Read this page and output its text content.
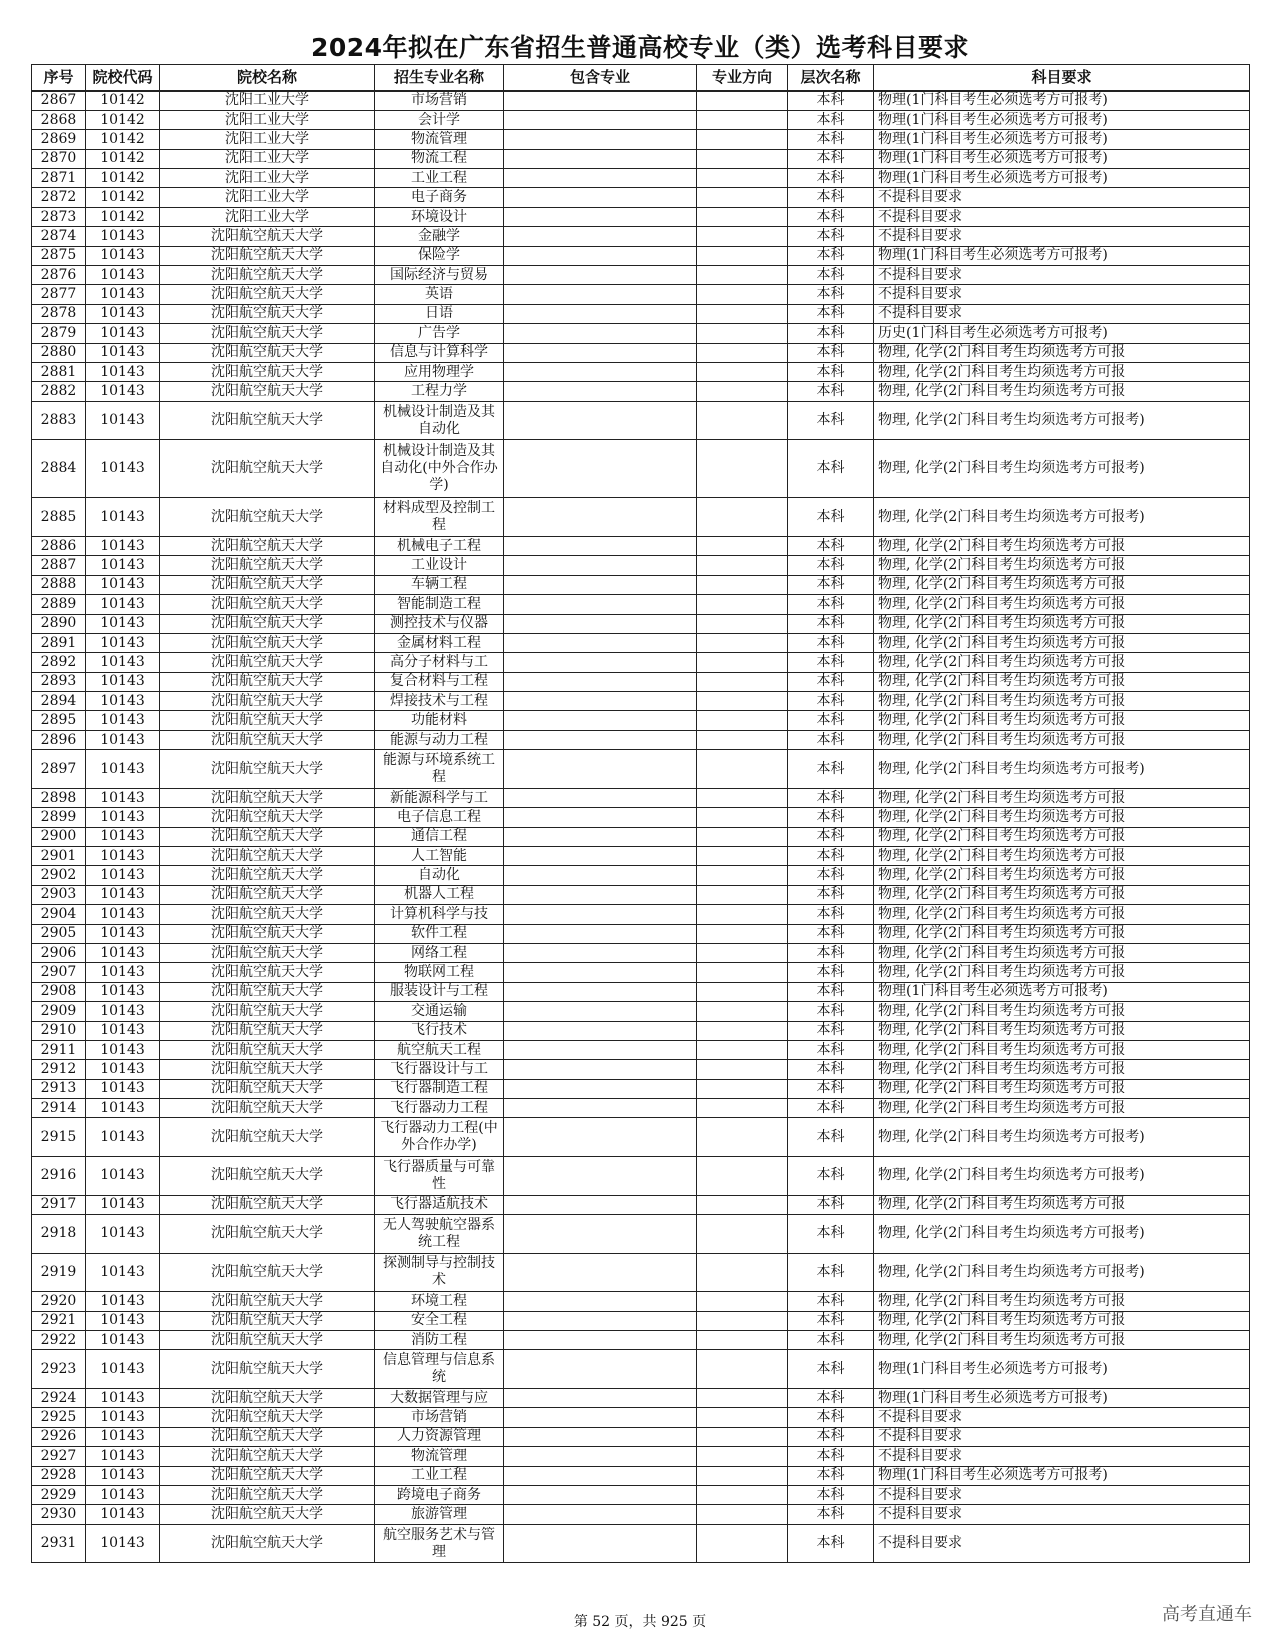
2024年拟在广东省招生普通高校专业（类）选考科目要求
序号	院校代码	院校名称	招生专业名称	包含专业	专业方向	层次名称	科目要求
2867	10142	沈阳工业大学	市场营销			本科	物理(1门科目考生必须选考方可报考)
2868	10142	沈阳工业大学	会计学			本科	物理(1门科目考生必须选考方可报考)
2869	10142	沈阳工业大学	物流管理			本科	物理(1门科目考生必须选考方可报考)
2870	10142	沈阳工业大学	物流工程			本科	物理(1门科目考生必须选考方可报考)
2871	10142	沈阳工业大学	工业工程			本科	物理(1门科目考生必须选考方可报考)
2872	10142	沈阳工业大学	电子商务			本科	不提科目要求
2873	10142	沈阳工业大学	环境设计			本科	不提科目要求
2874	10143	沈阳航空航天大学	金融学			本科	不提科目要求
2875	10143	沈阳航空航天大学	保险学			本科	物理(1门科目考生必须选考方可报考)
2876	10143	沈阳航空航天大学	国际经济与贸易			本科	不提科目要求
2877	10143	沈阳航空航天大学	英语			本科	不提科目要求
2878	10143	沈阳航空航天大学	日语			本科	不提科目要求
2879	10143	沈阳航空航天大学	广告学			本科	历史(1门科目考生必须选考方可报考)
2880	10143	沈阳航空航天大学	信息与计算科学			本科	物理, 化学(2门科目考生均须选考方可报
2881	10143	沈阳航空航天大学	应用物理学			本科	物理, 化学(2门科目考生均须选考方可报
2882	10143	沈阳航空航天大学	工程力学			本科	物理, 化学(2门科目考生均须选考方可报
2883	10143	沈阳航空航天大学	机械设计制造及其自动化			本科	物理, 化学(2门科目考生均须选考方可报考)
2884	10143	沈阳航空航天大学	机械设计制造及其自动化(中外合作办学)			本科	物理, 化学(2门科目考生均须选考方可报考)
2885	10143	沈阳航空航天大学	材料成型及控制工程			本科	物理, 化学(2门科目考生均须选考方可报考)
2886	10143	沈阳航空航天大学	机械电子工程			本科	物理, 化学(2门科目考生均须选考方可报
2887	10143	沈阳航空航天大学	工业设计			本科	物理, 化学(2门科目考生均须选考方可报
2888	10143	沈阳航空航天大学	车辆工程			本科	物理, 化学(2门科目考生均须选考方可报
2889	10143	沈阳航空航天大学	智能制造工程			本科	物理, 化学(2门科目考生均须选考方可报
2890	10143	沈阳航空航天大学	测控技术与仪器			本科	物理, 化学(2门科目考生均须选考方可报
2891	10143	沈阳航空航天大学	金属材料工程			本科	物理, 化学(2门科目考生均须选考方可报
2892	10143	沈阳航空航天大学	高分子材料与工			本科	物理, 化学(2门科目考生均须选考方可报
2893	10143	沈阳航空航天大学	复合材料与工程			本科	物理, 化学(2门科目考生均须选考方可报
2894	10143	沈阳航空航天大学	焊接技术与工程			本科	物理, 化学(2门科目考生均须选考方可报
2895	10143	沈阳航空航天大学	功能材料			本科	物理, 化学(2门科目考生均须选考方可报
2896	10143	沈阳航空航天大学	能源与动力工程			本科	物理, 化学(2门科目考生均须选考方可报
2897	10143	沈阳航空航天大学	能源与环境系统工程			本科	物理, 化学(2门科目考生均须选考方可报考)
2898	10143	沈阳航空航天大学	新能源科学与工			本科	物理, 化学(2门科目考生均须选考方可报
2899	10143	沈阳航空航天大学	电子信息工程			本科	物理, 化学(2门科目考生均须选考方可报
2900	10143	沈阳航空航天大学	通信工程			本科	物理, 化学(2门科目考生均须选考方可报
2901	10143	沈阳航空航天大学	人工智能			本科	物理, 化学(2门科目考生均须选考方可报
2902	10143	沈阳航空航天大学	自动化			本科	物理, 化学(2门科目考生均须选考方可报
2903	10143	沈阳航空航天大学	机器人工程			本科	物理, 化学(2门科目考生均须选考方可报
2904	10143	沈阳航空航天大学	计算机科学与技			本科	物理, 化学(2门科目考生均须选考方可报
2905	10143	沈阳航空航天大学	软件工程			本科	物理, 化学(2门科目考生均须选考方可报
2906	10143	沈阳航空航天大学	网络工程			本科	物理, 化学(2门科目考生均须选考方可报
2907	10143	沈阳航空航天大学	物联网工程			本科	物理, 化学(2门科目考生均须选考方可报
2908	10143	沈阳航空航天大学	服装设计与工程			本科	物理(1门科目考生必须选考方可报考)
2909	10143	沈阳航空航天大学	交通运输			本科	物理, 化学(2门科目考生均须选考方可报
2910	10143	沈阳航空航天大学	飞行技术			本科	物理, 化学(2门科目考生均须选考方可报
2911	10143	沈阳航空航天大学	航空航天工程			本科	物理, 化学(2门科目考生均须选考方可报
2912	10143	沈阳航空航天大学	飞行器设计与工			本科	物理, 化学(2门科目考生均须选考方可报
2913	10143	沈阳航空航天大学	飞行器制造工程			本科	物理, 化学(2门科目考生均须选考方可报
2914	10143	沈阳航空航天大学	飞行器动力工程			本科	物理, 化学(2门科目考生均须选考方可报
2915	10143	沈阳航空航天大学	飞行器动力工程(中外合作办学)			本科	物理, 化学(2门科目考生均须选考方可报考)
2916	10143	沈阳航空航天大学	飞行器质量与可靠性			本科	物理, 化学(2门科目考生均须选考方可报考)
2917	10143	沈阳航空航天大学	飞行器适航技术			本科	物理, 化学(2门科目考生均须选考方可报
2918	10143	沈阳航空航天大学	无人驾驶航空器系统工程			本科	物理, 化学(2门科目考生均须选考方可报考)
2919	10143	沈阳航空航天大学	探测制导与控制技术			本科	物理, 化学(2门科目考生均须选考方可报考)
2920	10143	沈阳航空航天大学	环境工程			本科	物理, 化学(2门科目考生均须选考方可报
2921	10143	沈阳航空航天大学	安全工程			本科	物理, 化学(2门科目考生均须选考方可报
2922	10143	沈阳航空航天大学	消防工程			本科	物理, 化学(2门科目考生均须选考方可报
2923	10143	沈阳航空航天大学	信息管理与信息系统			本科	物理(1门科目考生必须选考方可报考)
2924	10143	沈阳航空航天大学	大数据管理与应			本科	物理(1门科目考生必须选考方可报考)
2925	10143	沈阳航空航天大学	市场营销			本科	不提科目要求
2926	10143	沈阳航空航天大学	人力资源管理			本科	不提科目要求
2927	10143	沈阳航空航天大学	物流管理			本科	不提科目要求
2928	10143	沈阳航空航天大学	工业工程			本科	物理(1门科目考生必须选考方可报考)
2929	10143	沈阳航空航天大学	跨境电子商务			本科	不提科目要求
2930	10143	沈阳航空航天大学	旅游管理			本科	不提科目要求
2931	10143	沈阳航空航天大学	航空服务艺术与管理			本科	不提科目要求
第 52 页，共 925 页	高考直通车
